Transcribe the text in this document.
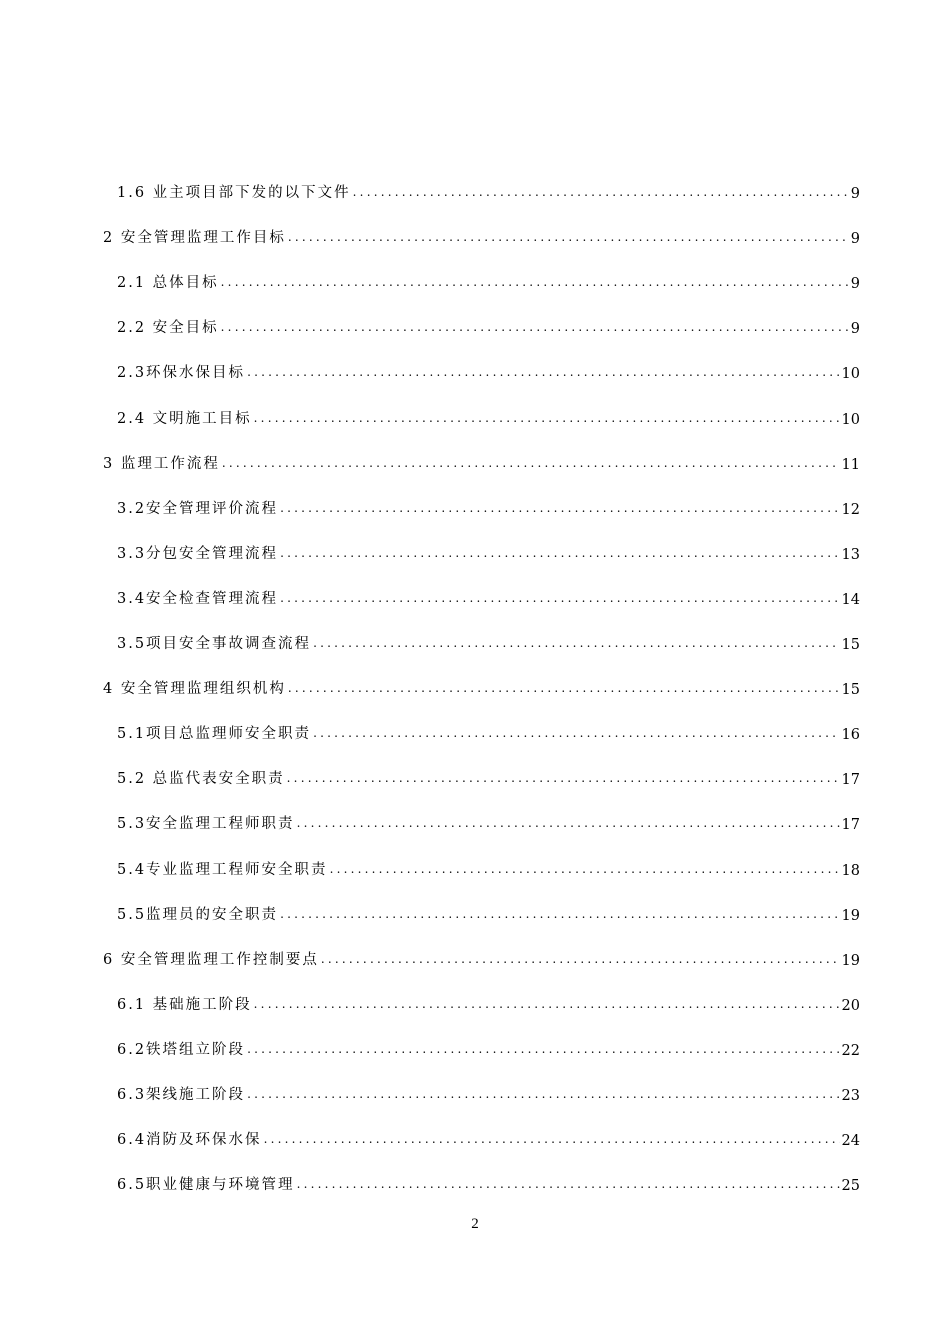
1.6 业主项目部下发的以下文件 .....	9
2 安全管理监理工作目标 .....	9
2.1 总体目标 .....	9
2.2 安全目标 .....	9
2.3环保水保目标 .....	10
2.4 文明施工目标 .....	10
3 监理工作流程 .....	11
3.2安全管理评价流程 .....	12
3.3分包安全管理流程 .....	13
3.4安全检查管理流程 .....	14
3.5项目安全事故调查流程 .....	15
4 安全管理监理组织机构 .....	15
5.1项目总监理师安全职责 .....	16
5.2 总监代表安全职责 .....	17
5.3安全监理工程师职责 .....	17
5.4专业监理工程师安全职责 .....	18
5.5监理员的安全职责 .....	19
6 安全管理监理工作控制要点 .....	19
6.1 基础施工阶段 .....	20
6.2铁塔组立阶段 .....	22
6.3架线施工阶段 .....	23
6.4消防及环保水保 .....	24
6.5职业健康与环境管理 .....	25
2
